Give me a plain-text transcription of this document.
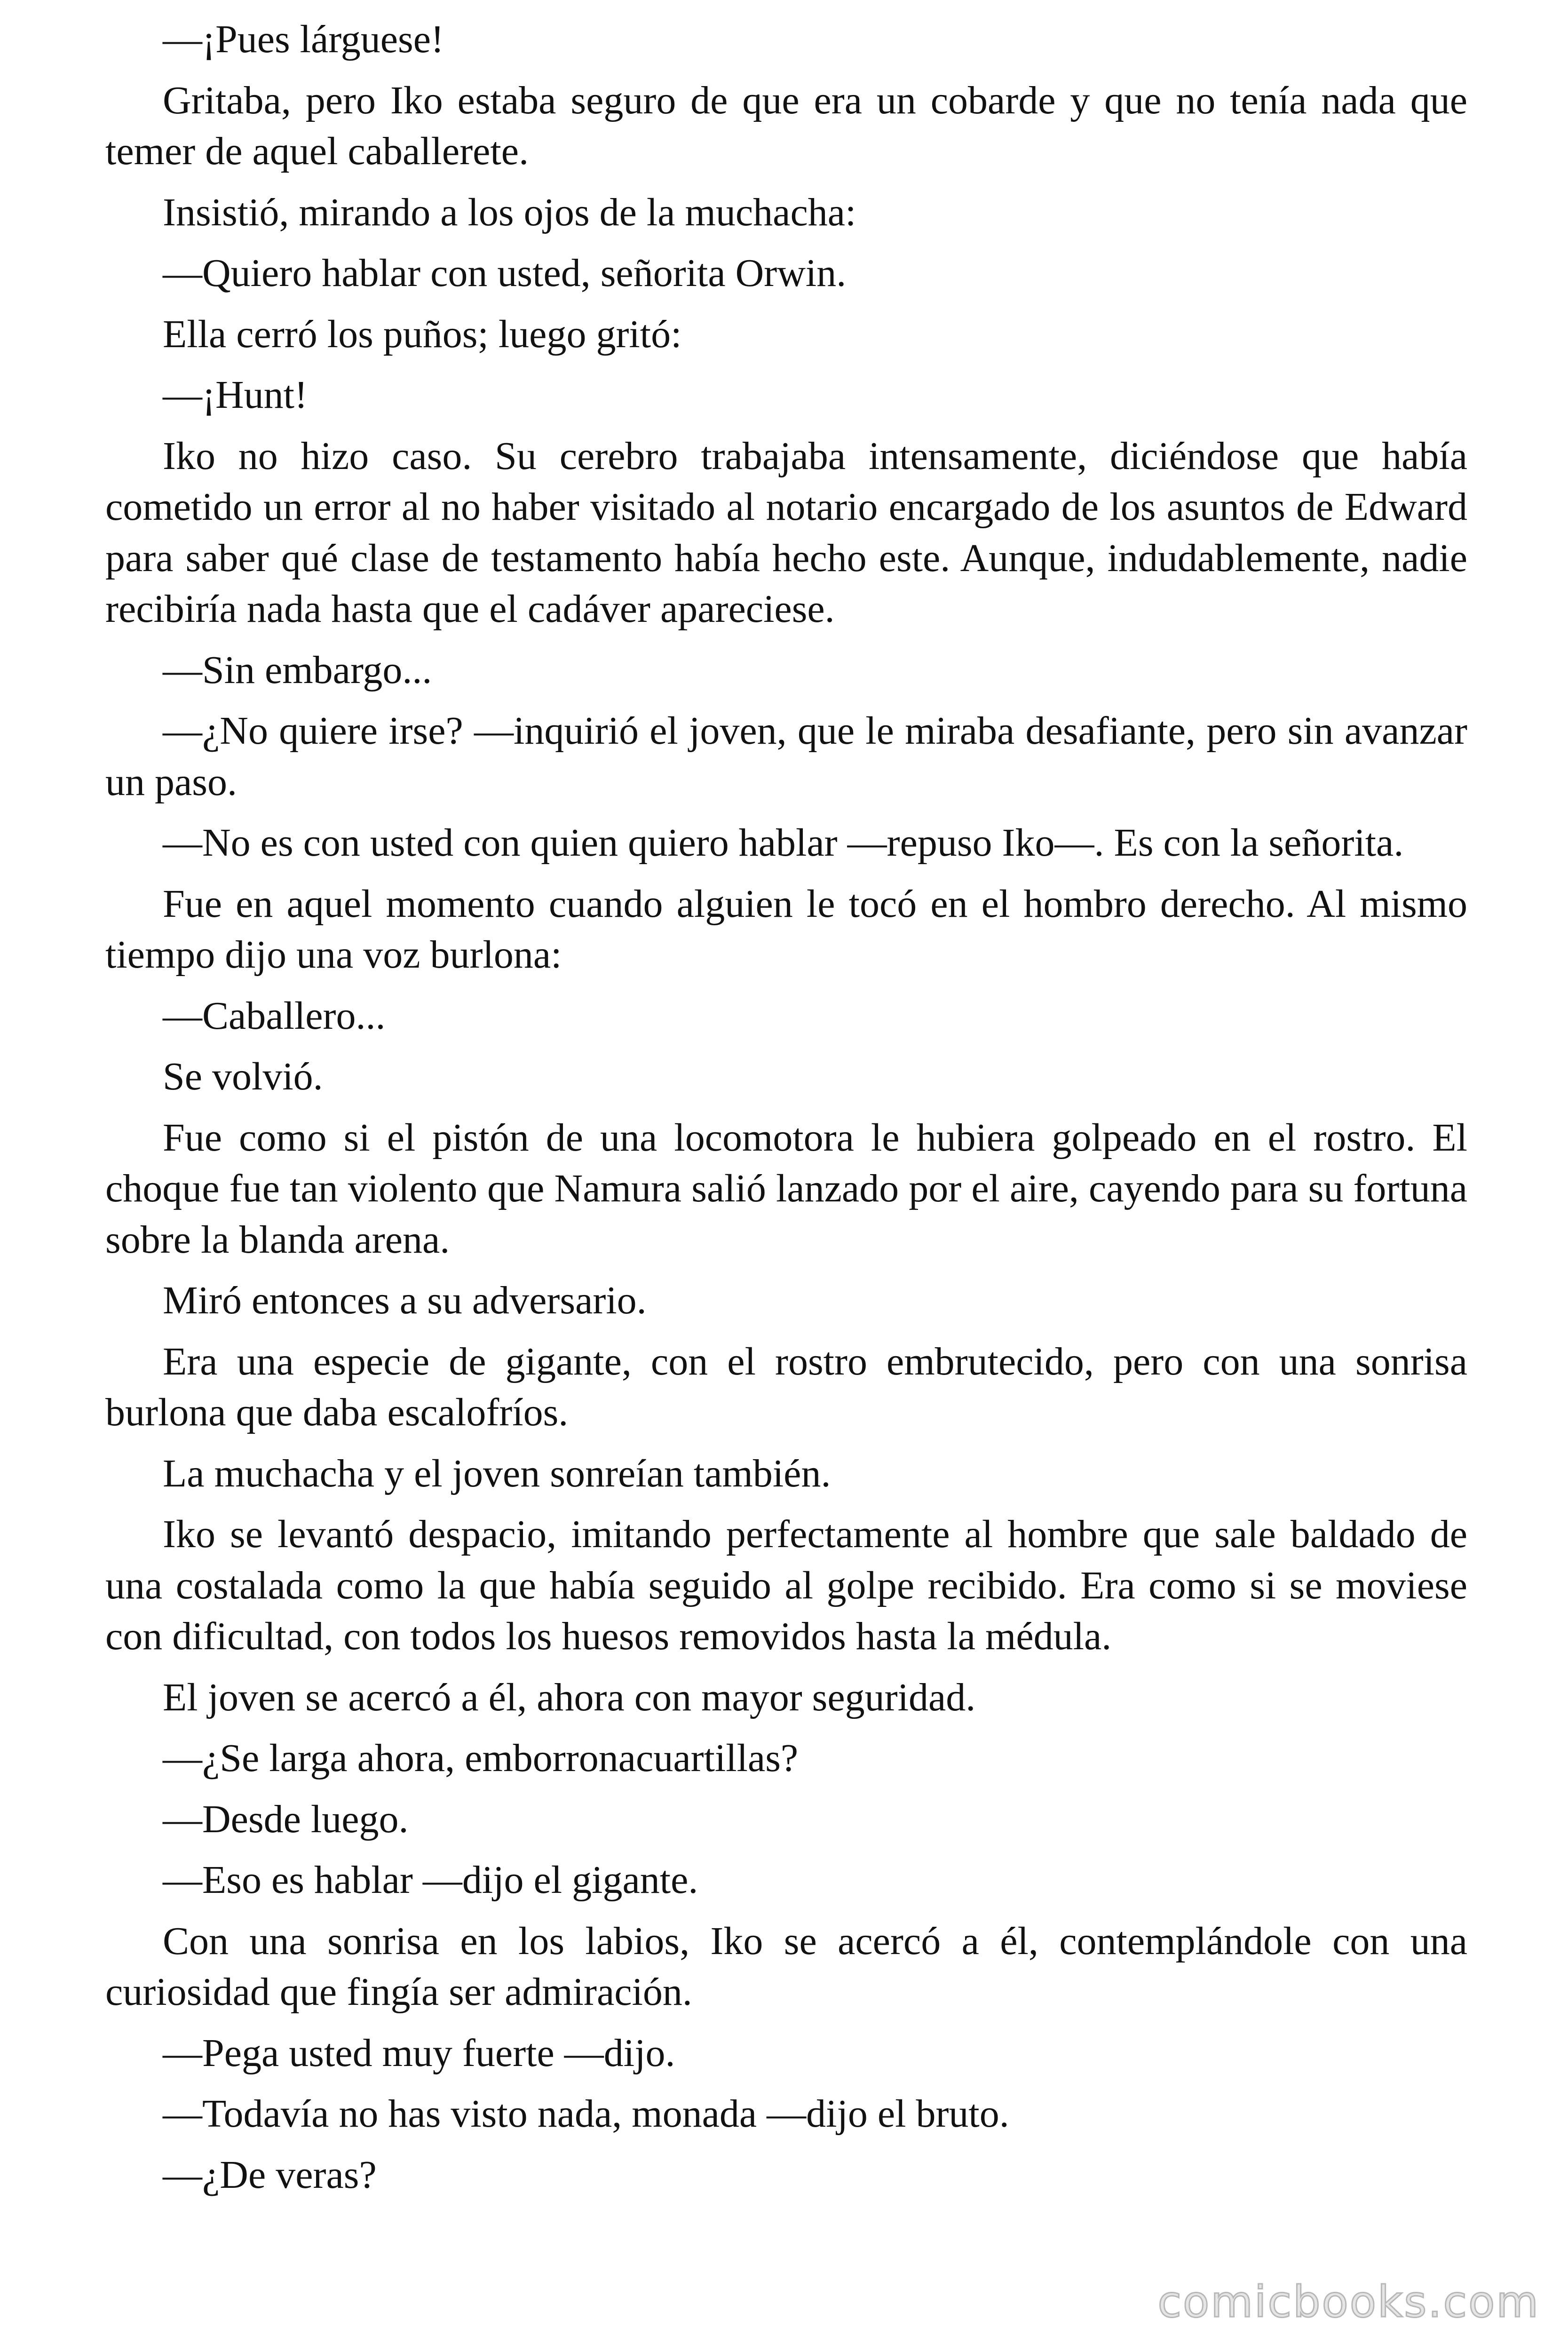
—¡Pues lárguese!

Gritaba, pero Iko estaba seguro de que era un cobarde y que no tenía nada que temer de aquel caballerete.

Insistió, mirando a los ojos de la muchacha:

—Quiero hablar con usted, señorita Orwin.

Ella cerró los puños; luego gritó:

—¡Hunt!

Iko no hizo caso. Su cerebro trabajaba intensamente, diciéndose que había cometido un error al no haber visitado al notario encargado de los asuntos de Edward para saber qué clase de testamento había hecho este. Aunque, indudablemente, nadie recibiría nada hasta que el cadáver apareciese.

—Sin embargo...

—¿No quiere irse? —inquirió el joven, que le miraba desafiante, pero sin avanzar un paso.

—No es con usted con quien quiero hablar —repuso Iko—. Es con la señorita.

Fue en aquel momento cuando alguien le tocó en el hombro derecho. Al mismo tiempo dijo una voz burlona:

—Caballero...

Se volvió.

Fue como si el pistón de una locomotora le hubiera golpeado en el rostro. El choque fue tan violento que Namura salió lanzado por el aire, cayendo para su fortuna sobre la blanda arena.

Miró entonces a su adversario.

Era una especie de gigante, con el rostro embrutecido, pero con una sonrisa burlona que daba escalofríos.

La muchacha y el joven sonreían también.

Iko se levantó despacio, imitando perfectamente al hombre que sale baldado de una costalada como la que había seguido al golpe recibido. Era como si se moviese con dificultad, con todos los huesos removidos hasta la médula.

El joven se acercó a él, ahora con mayor seguridad.

—¿Se larga ahora, emborronacuartillas?

—Desde luego.

—Eso es hablar —dijo el gigante.

Con una sonrisa en los labios, Iko se acercó a él, contemplándole con una curiosidad que fingía ser admiración.

—Pega usted muy fuerte —dijo.

—Todavía no has visto nada, monada —dijo el bruto.

—¿De veras?

comicbooks.com
